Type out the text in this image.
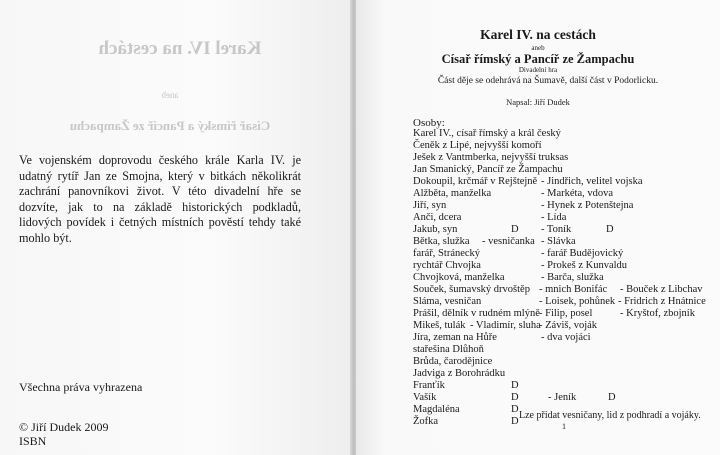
Karel IV. na cestách
aneb
Císař římský a Pancíř ze Žampachu
Ve vojenském doprovodu českého krále Karla IV. je udatný rytíř Jan ze Smojna, který v bitkách několikrát zachrání panovníkovi život. V této divadelní hře se dozvíte, jak to na základě historických podkladů, lidových povídek i četných místních pověstí tehdy také mohlo být.
Všechna práva vyhrazena
© Jiří Dudek 2009
ISBN
Karel IV. na cestách
aneb
Císař římský a Pancíř ze Žampachu
Divadelní hra
Část děje se odehrává na Šumavě, další část v Podorlicku.
Napsal: Jiří Dudek
Osoby:
Karel IV., císař římský a král český
Čeněk z Lipé, nejvyšší komoří
Ješek z Vantmberka, nejvyšší truksas
Jan Smanický, Pancíř ze Žampachu
Dokoupil, krčmář v Rejštejně
Alžběta, manželka
Jiří, syn
Anči, dcera
Jakub, syn
Bětka, služka
farář, Stránecký
rychtář Chvojka
Chvojková, manželka
Souček, šumavský drvoštěp
Sláma, vesničan
Prášil, dělník v rudném mlýně
Mikeš, tulák
Jíra, zeman na Hůře
stařešina Dlůhoň
Brůda, čarodějnice
Jadviga z Borohrádku
Franťík
Vašík
Magdaléna
Žofka
- vesničanka
- Vladimír, sluha
D
D
D
D
D
- Jindřich, velitel vojska
- Markéta, vdova
- Hynek z Potenštejna
- Lída
- Toník
- Slávka
- farář Budějovický
- Prokeš z Kunvaldu
- Barča, služka
- mnich Bonifác
- Loisek, pohůnek
- Filip, posel
- Záviš, voják
- dva vojáci
- Jeník
D
D
Lze přidat vesničany, lid z podhradí a vojáky.
- Bouček z Libchav
- Fridrich z Hnátnice
- Kryštof, zbojník
1
